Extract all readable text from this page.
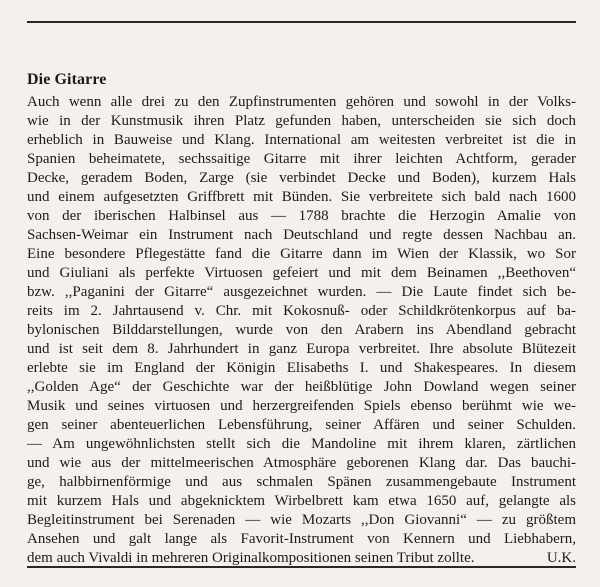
Die Gitarre
Auch wenn alle drei zu den Zupfinstrumenten gehören und sowohl in der Volks-
wie in der Kunstmusik ihren Platz gefunden haben, unterscheiden sie sich doch
erheblich in Bauweise und Klang. International am weitesten verbreitet ist die in
Spanien beheimatete, sechssaitige Gitarre mit ihrer leichten Achtform, gerader
Decke, geradem Boden, Zarge (sie verbindet Decke und Boden), kurzem Hals
und einem aufgesetzten Griffbrett mit Bünden. Sie verbreitete sich bald nach 1600
von der iberischen Halbinsel aus — 1788 brachte die Herzogin Amalie von
Sachsen-Weimar ein Instrument nach Deutschland und regte dessen Nachbau an.
Eine besondere Pflegestätte fand die Gitarre dann im Wien der Klassik, wo Sor
und Giuliani als perfekte Virtuosen gefeiert und mit dem Beinamen ,,Beethoven“
bzw. ,,Paganini der Gitarre“ ausgezeichnet wurden. — Die Laute findet sich be-
reits im 2. Jahrtausend v. Chr. mit Kokosnuß- oder Schildkrötenkorpus auf ba-
bylonischen Bilddarstellungen, wurde von den Arabern ins Abendland gebracht
und ist seit dem 8. Jahrhundert in ganz Europa verbreitet. Ihre absolute Blütezeit
erlebte sie im England der Königin Elisabeths I. und Shakespeares. In diesem
,,Golden Age“ der Geschichte war der heißblütige John Dowland wegen seiner
Musik und seines virtuosen und herzergreifenden Spiels ebenso berühmt wie we-
gen seiner abenteuerlichen Lebensführung, seiner Affären und seiner Schulden.
— Am ungewöhnlichsten stellt sich die Mandoline mit ihrem klaren, zärtlichen
und wie aus der mittelmeerischen Atmosphäre geborenen Klang dar. Das bauchi-
ge, halbbirnenförmige und aus schmalen Spänen zusammengebaute Instrument
mit kurzem Hals und abgeknicktem Wirbelbrett kam etwa 1650 auf, gelangte als
Begleitinstrument bei Serenaden — wie Mozarts ,,Don Giovanni“ — zu größtem
Ansehen und galt lange als Favorit-Instrument von Kennern und Liebhabern,
dem auch Vivaldi in mehreren Originalkompositionen seinen Tribut zollte.	U.K.
